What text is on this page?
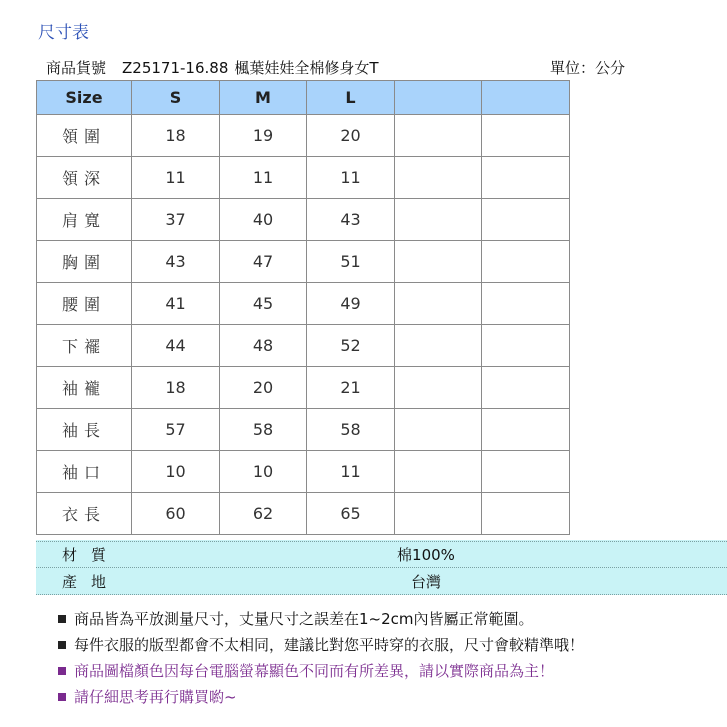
尺寸表
商品貨號 Z25171-16.88 楓葉娃娃全棉修身女T	單位：公分
Size	S	M	L		
領圍	18	19	20		
領深	11	11	11		
肩寬	37	40	43		
胸圍	43	47	51		
腰圍	41	45	49		
下襬	44	48	52		
袖襱	18	20	21		
袖長	57	58	58		
袖口	10	10	11		
衣長	60	62	65		
材質	棉100%
產地	台灣
商品皆為平放測量尺寸，丈量尺寸之誤差在1~2cm內皆屬正常範圍。
每件衣服的版型都會不太相同，建議比對您平時穿的衣服，尺寸會較精準哦！
商品圖檔顏色因每台電腦螢幕顯色不同而有所差異，請以實際商品為主！
請仔細思考再行購買喲~
